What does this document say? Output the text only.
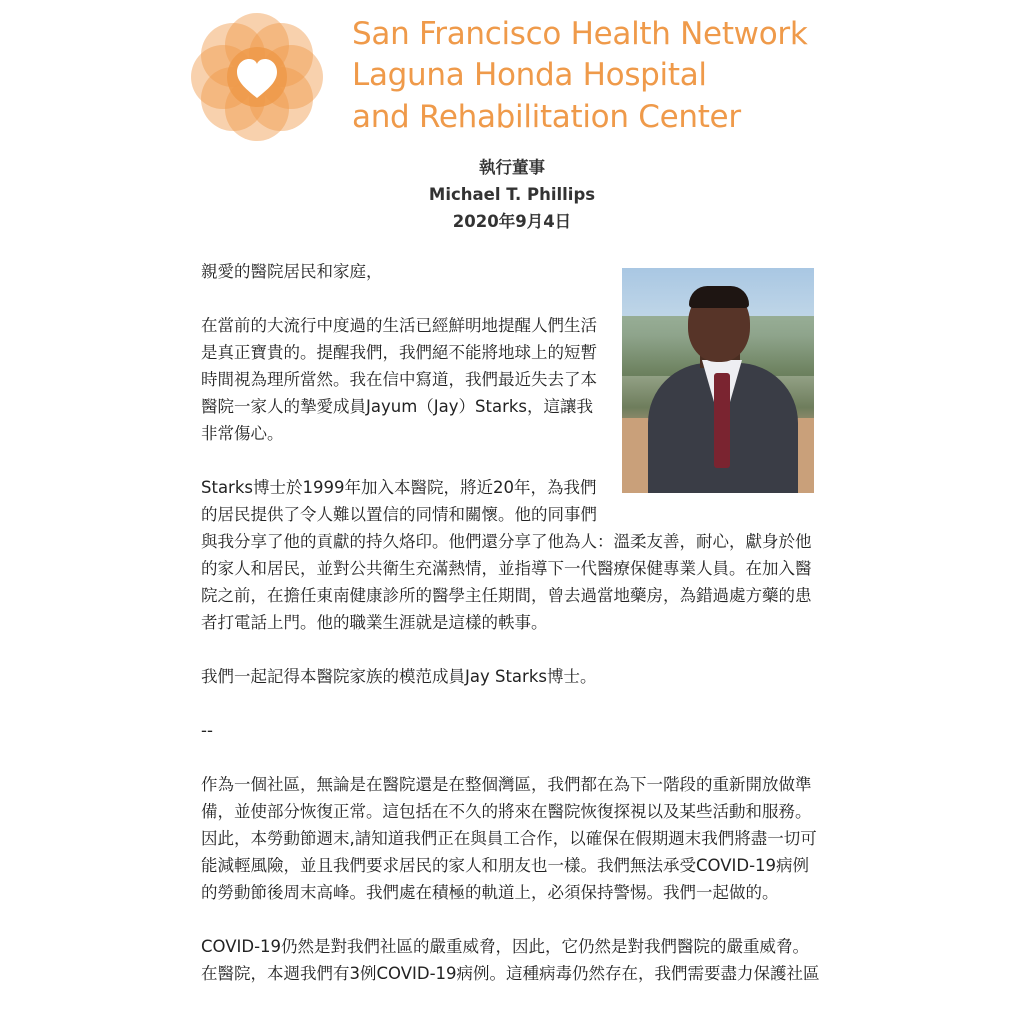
San Francisco Health Network
Laguna Honda Hospital
and Rehabilitation Center
執行董事
Michael T. Phillips
2020年9月4日

親愛的醫院居民和家庭，

在當前的大流行中度過的生活已經鮮明地提醒人們生活是真正寶貴的。提醒我們，我們絕不能將地球上的短暫時間視為理所當然。我在信中寫道，我們最近失去了本醫院一家人的摯愛成員Jayum（Jay）Starks，這讓我非常傷心。

Starks博士於1999年加入本醫院，將近20年，為我們的居民提供了令人難以置信的同情和關懷。他的同事們與我分享了他的貢獻的持久烙印。他們還分享了他為人：溫柔友善，耐心，獻身於他的家人和居民，並對公共衛生充滿熱情，並指導下一代醫療保健專業人員。在加入醫院之前，在擔任東南健康診所的醫學主任期間，曾去過當地藥房，為錯過處方藥的患者打電話上門。他的職業生涯就是這樣的軼事。

我們一起記得本醫院家族的模范成員Jay Starks博士。

--

作為一個社區，無論是在醫院還是在整個灣區，我們都在為下一階段的重新開放做準備，並使部分恢復正常。這包括在不久的將來在醫院恢復探視以及某些活動和服務。因此，本勞動節週末,請知道我們正在與員工合作，以確保在假期週末我們將盡一切可能減輕風險，並且我們要求居民的家人和朋友也一樣。我們無法承受COVID-19病例的勞動節後周末高峰。我們處在積極的軌道上，必須保持警惕。我們一起做的。

COVID-19仍然是對我們社區的嚴重威脅，因此，它仍然是對我們醫院的嚴重威脅。在醫院，本週我們有3例COVID-19病例。這種病毒仍然存在，我們需要盡力保護社區
